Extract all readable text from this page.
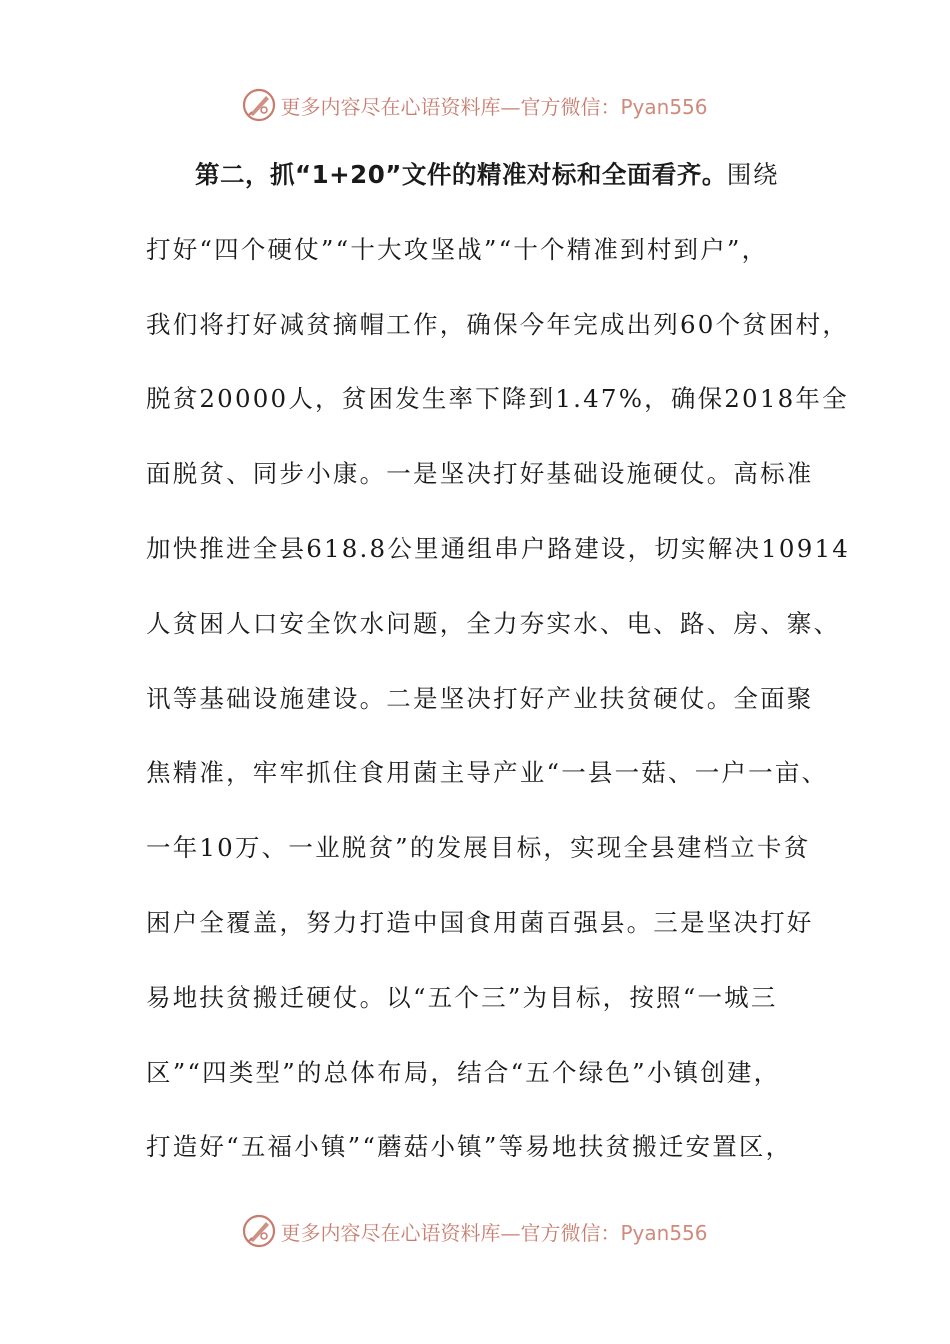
更多内容尽在心语资料库—官方微信：Pyan556
第二，抓“1+20”文件的精准对标和全面看齐。围绕
打好“四个硬仗”“十大攻坚战”“十个精准到村到户”，
我们将打好减贫摘帽工作，确保今年完成出列60个贫困村，
脱贫20000人，贫困发生率下降到1.47%，确保2018年全
面脱贫、同步小康。一是坚决打好基础设施硬仗。高标准
加快推进全县618.8公里通组串户路建设，切实解决10914
人贫困人口安全饮水问题，全力夯实水、电、路、房、寨、
讯等基础设施建设。二是坚决打好产业扶贫硬仗。全面聚
焦精准，牢牢抓住食用菌主导产业“一县一菇、一户一亩、
一年10万、一业脱贫”的发展目标，实现全县建档立卡贫
困户全覆盖，努力打造中国食用菌百强县。三是坚决打好
易地扶贫搬迁硬仗。以“五个三”为目标，按照“一城三
区”“四类型”的总体布局，结合“五个绿色”小镇创建，
打造好“五福小镇”“蘑菇小镇”等易地扶贫搬迁安置区，
更多内容尽在心语资料库—官方微信：Pyan556
